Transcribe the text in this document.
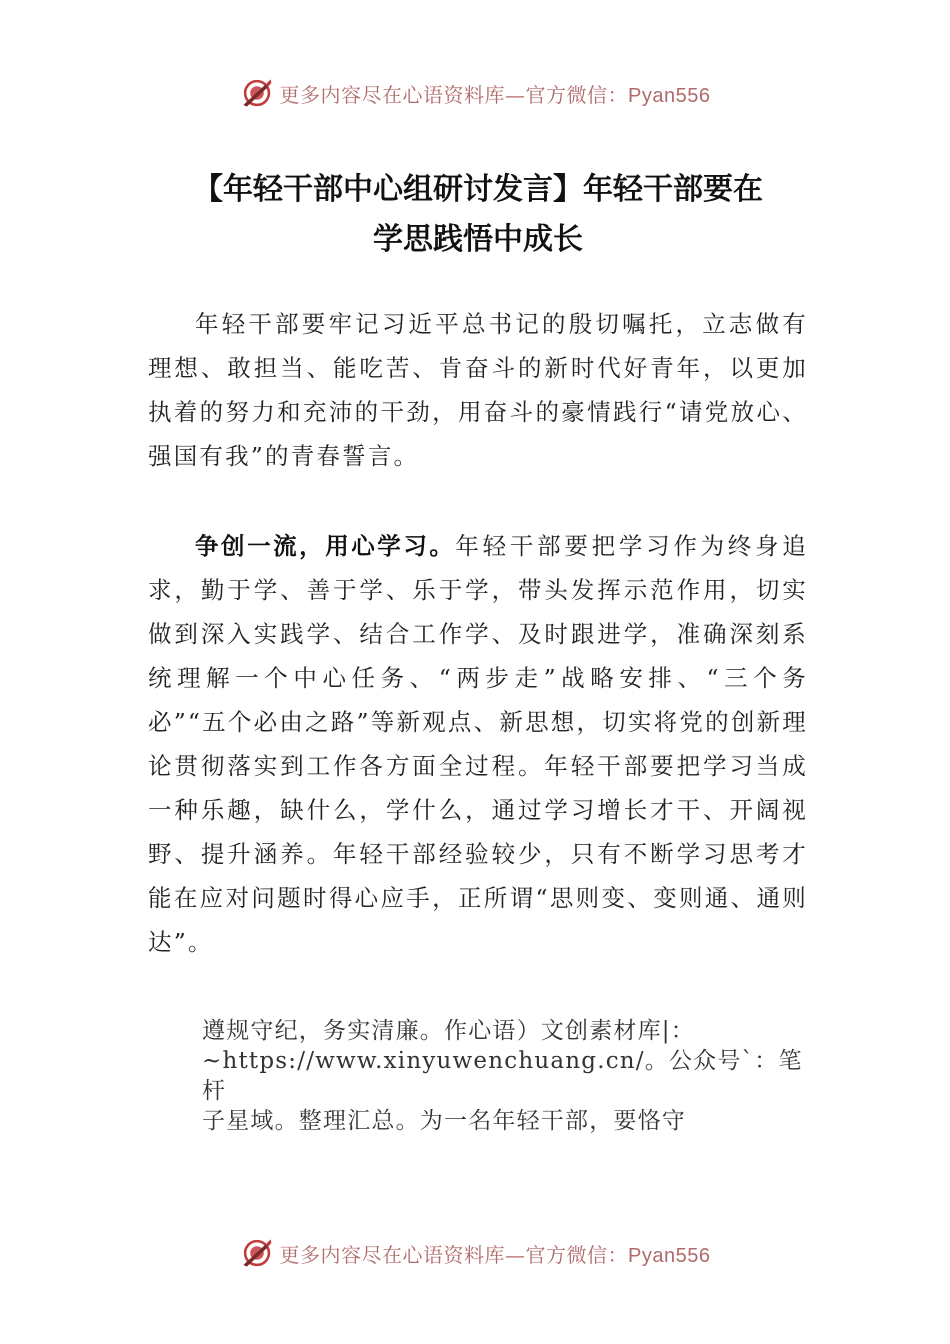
更多内容尽在心语资料库—官方微信：Pyan556
【年轻干部中心组研讨发言】年轻干部要在
学思践悟中成长

年轻干部要牢记习近平总书记的殷切嘱托，立志做有理想、敢担当、能吃苦、肯奋斗的新时代好青年，以更加执着的努力和充沛的干劲，用奋斗的豪情践行“请党放心、强国有我”的青春誓言。

争创一流，用心学习。年轻干部要把学习作为终身追求，勤于学、善于学、乐于学，带头发挥示范作用，切实做到深入实践学、结合工作学、及时跟进学，准确深刻系统理解一个中心任务、“两步走”战略安排、“三个务必”“五个必由之路”等新观点、新思想，切实将党的创新理论贯彻落实到工作各方面全过程。年轻干部要把学习当成一种乐趣，缺什么，学什么，通过学习增长才干、开阔视野、提升涵养。年轻干部经验较少，只有不断学习思考才能在应对问题时得心应手，正所谓“思则变、变则通、通则达”。

遵规守纪，务实清廉。作心语）文创素材库|：
~https://www.xinyuwenchuang.cn/。公众号`：笔杆
子星域。整理汇总。为一名年轻干部，要恪守

更多内容尽在心语资料库—官方微信：Pyan556
